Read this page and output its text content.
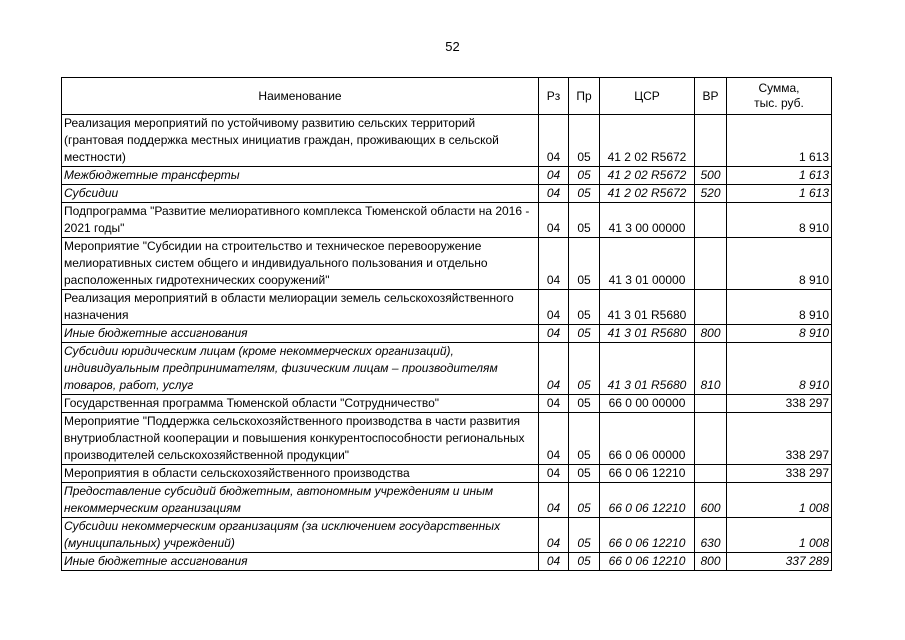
52
Наименование	Рз	Пр	ЦСР	ВР	Сумма,
тыс. руб.
Реализация мероприятий по устойчивому развитию сельских территорий (грантовая поддержка местных инициатив граждан, проживающих в сельской местности)	04	05	41 2 02 R5672		1 613
Межбюджетные трансферты	04	05	41 2 02 R5672	500	1 613
Субсидии	04	05	41 2 02 R5672	520	1 613
Подпрограмма "Развитие мелиоративного комплекса Тюменской области на 2016 - 2021 годы"	04	05	41 3 00 00000		8 910
Мероприятие "Субсидии на строительство и техническое перевооружение мелиоративных систем общего и индивидуального пользования и отдельно расположенных гидротехнических сооружений"	04	05	41 3 01 00000		8 910
Реализация мероприятий в области мелиорации земель сельскохозяйственного назначения	04	05	41 3 01 R5680		8 910
Иные бюджетные ассигнования	04	05	41 3 01 R5680	800	8 910
Субсидии юридическим лицам (кроме некоммерческих организаций), индивидуальным предпринимателям, физическим лицам – производителям товаров, работ, услуг	04	05	41 3 01 R5680	810	8 910
Государственная программа Тюменской области "Сотрудничество"	04	05	66 0 00 00000		338 297
Мероприятие "Поддержка сельскохозяйственного производства в части развития внутриобластной кооперации и повышения конкурентоспособности региональных производителей сельскохозяйственной продукции"	04	05	66 0 06 00000		338 297
Мероприятия в области сельскохозяйственного производства	04	05	66 0 06 12210		338 297
Предоставление субсидий бюджетным, автономным учреждениям и иным некоммерческим организациям	04	05	66 0 06 12210	600	1 008
Субсидии некоммерческим организациям (за исключением государственных (муниципальных) учреждений)	04	05	66 0 06 12210	630	1 008
Иные бюджетные ассигнования	04	05	66 0 06 12210	800	337 289
